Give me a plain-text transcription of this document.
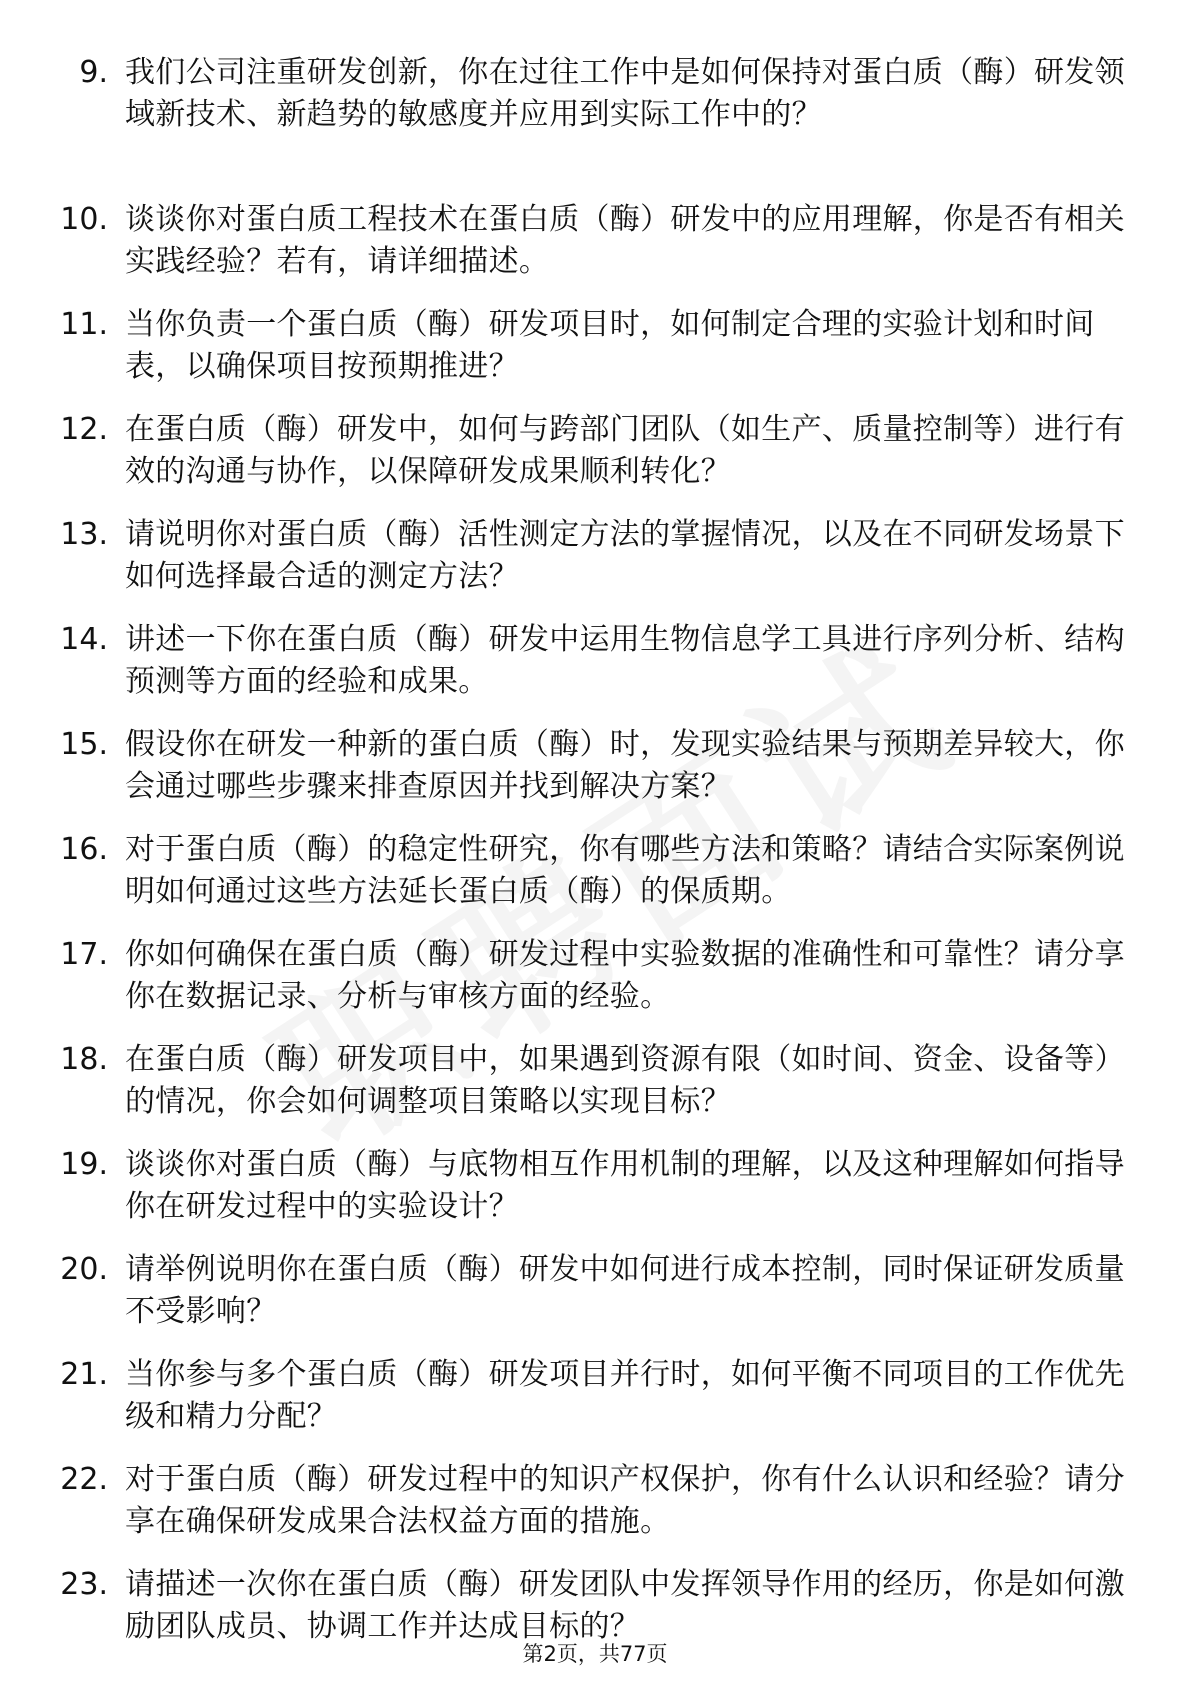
9. 我们公司注重研发创新，你在过往工作中是如何保持对蛋白质（酶）研发领域新技术、新趋势的敏感度并应用到实际工作中的？
10. 谈谈你对蛋白质工程技术在蛋白质（酶）研发中的应用理解，你是否有相关实践经验？若有，请详细描述。
11. 当你负责一个蛋白质（酶）研发项目时，如何制定合理的实验计划和时间表，以确保项目按预期推进？
12. 在蛋白质（酶）研发中，如何与跨部门团队（如生产、质量控制等）进行有效的沟通与协作，以保障研发成果顺利转化？
13. 请说明你对蛋白质（酶）活性测定方法的掌握情况，以及在不同研发场景下如何选择最合适的测定方法？
14. 讲述一下你在蛋白质（酶）研发中运用生物信息学工具进行序列分析、结构预测等方面的经验和成果。
15. 假设你在研发一种新的蛋白质（酶）时，发现实验结果与预期差异较大，你会通过哪些步骤来排查原因并找到解决方案？
16. 对于蛋白质（酶）的稳定性研究，你有哪些方法和策略？请结合实际案例说明如何通过这些方法延长蛋白质（酶）的保质期。
17. 你如何确保在蛋白质（酶）研发过程中实验数据的准确性和可靠性？请分享你在数据记录、分析与审核方面的经验。
18. 在蛋白质（酶）研发项目中，如果遇到资源有限（如时间、资金、设备等）的情况，你会如何调整项目策略以实现目标？
19. 谈谈你对蛋白质（酶）与底物相互作用机制的理解，以及这种理解如何指导你在研发过程中的实验设计？
20. 请举例说明你在蛋白质（酶）研发中如何进行成本控制，同时保证研发质量不受影响？
21. 当你参与多个蛋白质（酶）研发项目并行时，如何平衡不同项目的工作优先级和精力分配？
22. 对于蛋白质（酶）研发过程中的知识产权保护，你有什么认识和经验？请分享在确保研发成果合法权益方面的措施。
23. 请描述一次你在蛋白质（酶）研发团队中发挥领导作用的经历，你是如何激励团队成员、协调工作并达成目标的？
第2页，共77页
